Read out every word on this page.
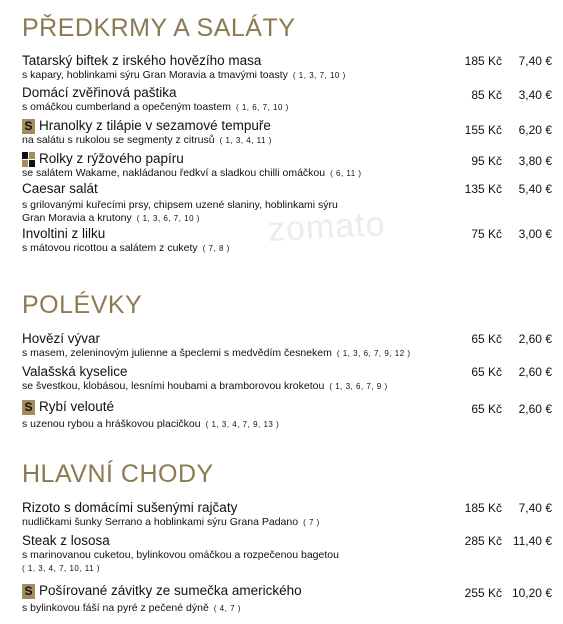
zomato
PŘEDKRMY A SALÁTY
Tatarský biftek z irského hovězího masa
s kapary, hoblinkami sýru Gran Moravia a tmavými toasty ( 1, 3, 7, 10 )
185 Kč	7,40 €
Domácí zvěřinová paštika
s omáčkou cumberland a opečeným toastem ( 1, 6, 7, 10 )
85 Kč	3,40 €
S Hranolky z tilápie v sezamové tempuře
na salátu s rukolou se segmenty z citrusů ( 1, 3, 4, 11 )
155 Kč	6,20 €
Rolky z rýžového papíru
se salátem Wakame, nakládanou ředkví a sladkou chilli omáčkou ( 6, 11 )
95 Kč	3,80 €
Caesar salát
s grilovanými kuřecími prsy, chipsem uzené slaniny, hoblinkami sýru
Gran Moravia a krutony ( 1, 3, 6, 7, 10 )
135 Kč	5,40 €
Involtini z lilku
s mátovou ricottou a salátem z cukety ( 7, 8 )
75 Kč	3,00 €
POLÉVKY
Hovězí vývar
s masem, zeleninovým julienne a špeclemi s medvědím česnekem ( 1, 3, 6, 7, 9, 12 )
65 Kč	2,60 €
Valašská kyselice
se švestkou, klobásou, lesními houbami a bramborovou kroketou ( 1, 3, 6, 7, 9 )
65 Kč	2,60 €
S Rybí velouté
s uzenou rybou a hráškovou placičkou ( 1, 3, 4, 7, 9, 13 )
65 Kč	2,60 €
HLAVNÍ CHODY
Rizoto s domácími sušenými rajčaty
nudličkami šunky Serrano a hoblinkami sýru Grana Padano ( 7 )
185 Kč	7,40 €
Steak z lososa
s marinovanou cuketou, bylinkovou omáčkou a rozpečenou bagetou
( 1, 3, 4, 7, 10, 11 )
285 Kč 11,40 €
S Pošírované závitky ze sumečka amerického
s bylinkovou fáší na pyré z pečené dýně ( 4, 7 )
255 Kč 10,20 €
